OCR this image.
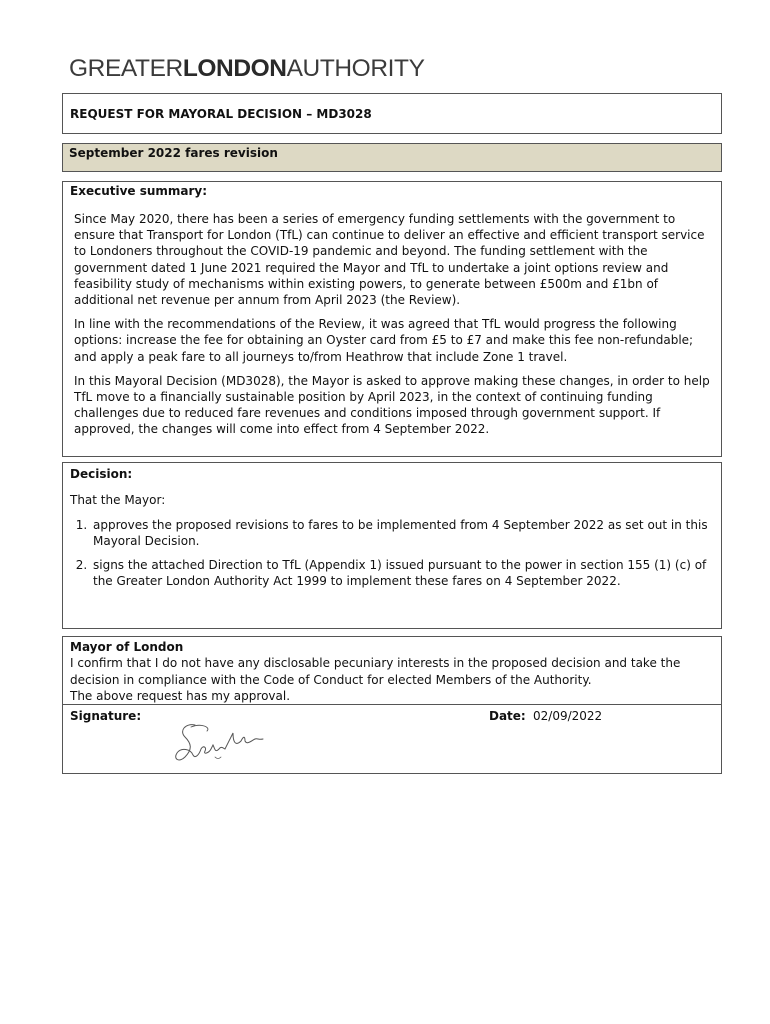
GREATERLONDONAUTHORITY
REQUEST FOR MAYORAL DECISION – MD3028
September 2022 fares revision
Executive summary:
Since May 2020, there has been a series of emergency funding settlements with the government to ensure that Transport for London (TfL) can continue to deliver an effective and efficient transport service to Londoners throughout the COVID-19 pandemic and beyond. The funding settlement with the government dated 1 June 2021 required the Mayor and TfL to undertake a joint options review and feasibility study of mechanisms within existing powers, to generate between £500m and £1bn of additional net revenue per annum from April 2023 (the Review).
In line with the recommendations of the Review, it was agreed that TfL would progress the following options: increase the fee for obtaining an Oyster card from £5 to £7 and make this fee non-refundable; and apply a peak fare to all journeys to/from Heathrow that include Zone 1 travel.
In this Mayoral Decision (MD3028), the Mayor is asked to approve making these changes, in order to help TfL move to a financially sustainable position by April 2023, in the context of continuing funding challenges due to reduced fare revenues and conditions imposed through government support. If approved, the changes will come into effect from 4 September 2022.
Decision:
That the Mayor:
1. approves the proposed revisions to fares to be implemented from 4 September 2022 as set out in this Mayoral Decision.
2. signs the attached Direction to TfL (Appendix 1) issued pursuant to the power in section 155 (1) (c) of the Greater London Authority Act 1999 to implement these fares on 4 September 2022.
Mayor of London
I confirm that I do not have any disclosable pecuniary interests in the proposed decision and take the decision in compliance with the Code of Conduct for elected Members of the Authority.
The above request has my approval.
Signature:	Date: 02/09/2022
